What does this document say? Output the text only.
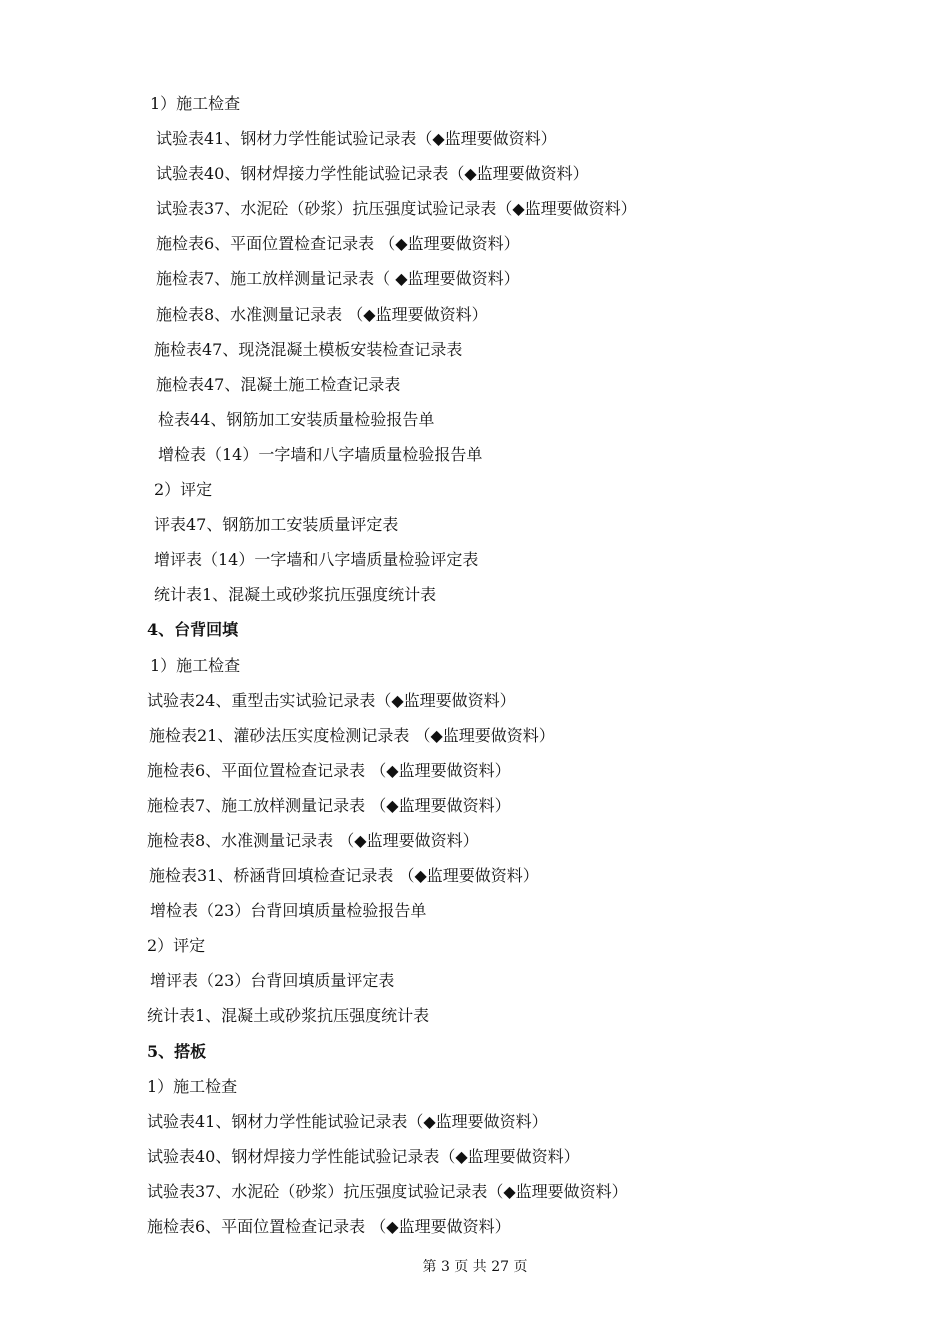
1）施工检查
试验表41、钢材力学性能试验记录表（◆监理要做资料）
试验表40、钢材焊接力学性能试验记录表（◆监理要做资料）
试验表37、水泥砼（砂浆）抗压强度试验记录表（◆监理要做资料）
施检表6、平面位置检查记录表 （◆监理要做资料）
施检表7、施工放样测量记录表（ ◆监理要做资料）
施检表8、水准测量记录表 （◆监理要做资料）
施检表47、现浇混凝土模板安装检查记录表
施检表47、混凝土施工检查记录表
检表44、钢筋加工安装质量检验报告单
增检表（14）一字墙和八字墙质量检验报告单
2）评定
评表47、钢筋加工安装质量评定表
增评表（14）一字墙和八字墙质量检验评定表
统计表1、混凝土或砂浆抗压强度统计表
4、台背回填
1）施工检查
试验表24、重型击实试验记录表（◆监理要做资料）
施检表21、灌砂法压实度检测记录表 （◆监理要做资料）
施检表6、平面位置检查记录表 （◆监理要做资料）
施检表7、施工放样测量记录表 （◆监理要做资料）
施检表8、水准测量记录表 （◆监理要做资料）
施检表31、桥涵背回填检查记录表 （◆监理要做资料）
增检表（23）台背回填质量检验报告单
2）评定
增评表（23）台背回填质量评定表
统计表1、混凝土或砂浆抗压强度统计表
5、搭板
1）施工检查
试验表41、钢材力学性能试验记录表（◆监理要做资料）
试验表40、钢材焊接力学性能试验记录表（◆监理要做资料）
试验表37、水泥砼（砂浆）抗压强度试验记录表（◆监理要做资料）
施检表6、平面位置检查记录表 （◆监理要做资料）
第 3 页 共 27 页
